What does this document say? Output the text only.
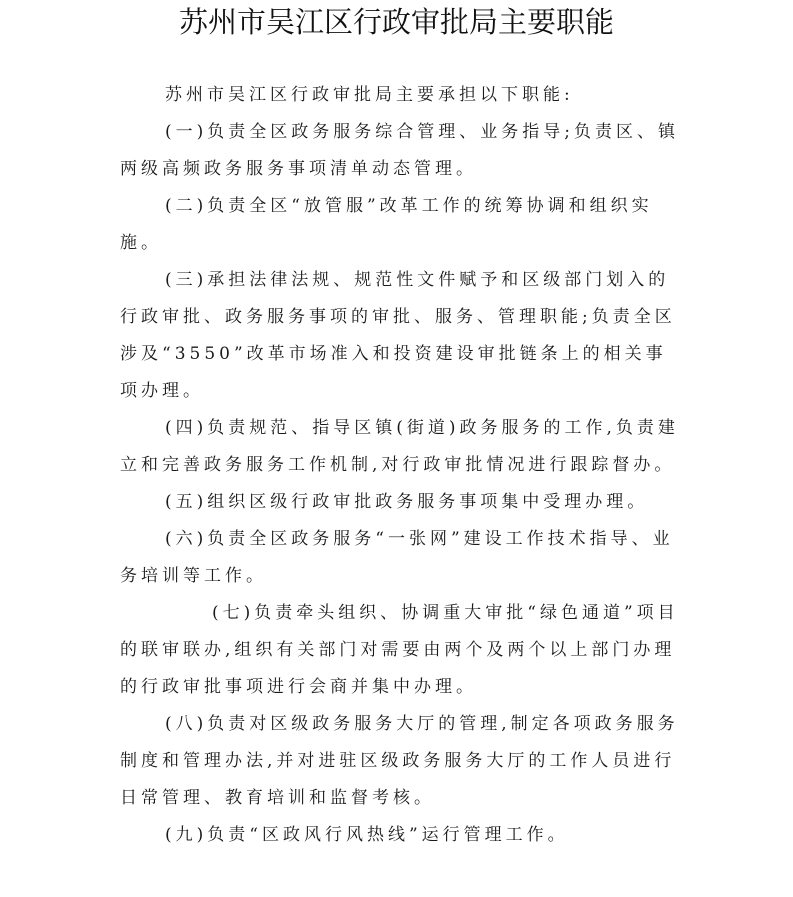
苏州市吴江区行政审批局主要职能

苏州市吴江区行政审批局主要承担以下职能:

(一)负责全区政务服务综合管理、业务指导;负责区、镇两级高频政务服务事项清单动态管理。

(二)负责全区“放管服”改革工作的统筹协调和组织实施。

(三)承担法律法规、规范性文件赋予和区级部门划入的行政审批、政务服务事项的审批、服务、管理职能;负责全区涉及“3550”改革市场准入和投资建设审批链条上的相关事项办理。

(四)负责规范、指导区镇(街道)政务服务的工作,负责建立和完善政务服务工作机制,对行政审批情况进行跟踪督办。

(五)组织区级行政审批政务服务事项集中受理办理。

(六)负责全区政务服务“一张网”建设工作技术指导、业务培训等工作。

(七)负责牵头组织、协调重大审批“绿色通道”项目的联审联办,组织有关部门对需要由两个及两个以上部门办理的行政审批事项进行会商并集中办理。

(八)负责对区级政务服务大厅的管理,制定各项政务服务制度和管理办法,并对进驻区级政务服务大厅的工作人员进行日常管理、教育培训和监督考核。

(九)负责“区政风行风热线”运行管理工作。
